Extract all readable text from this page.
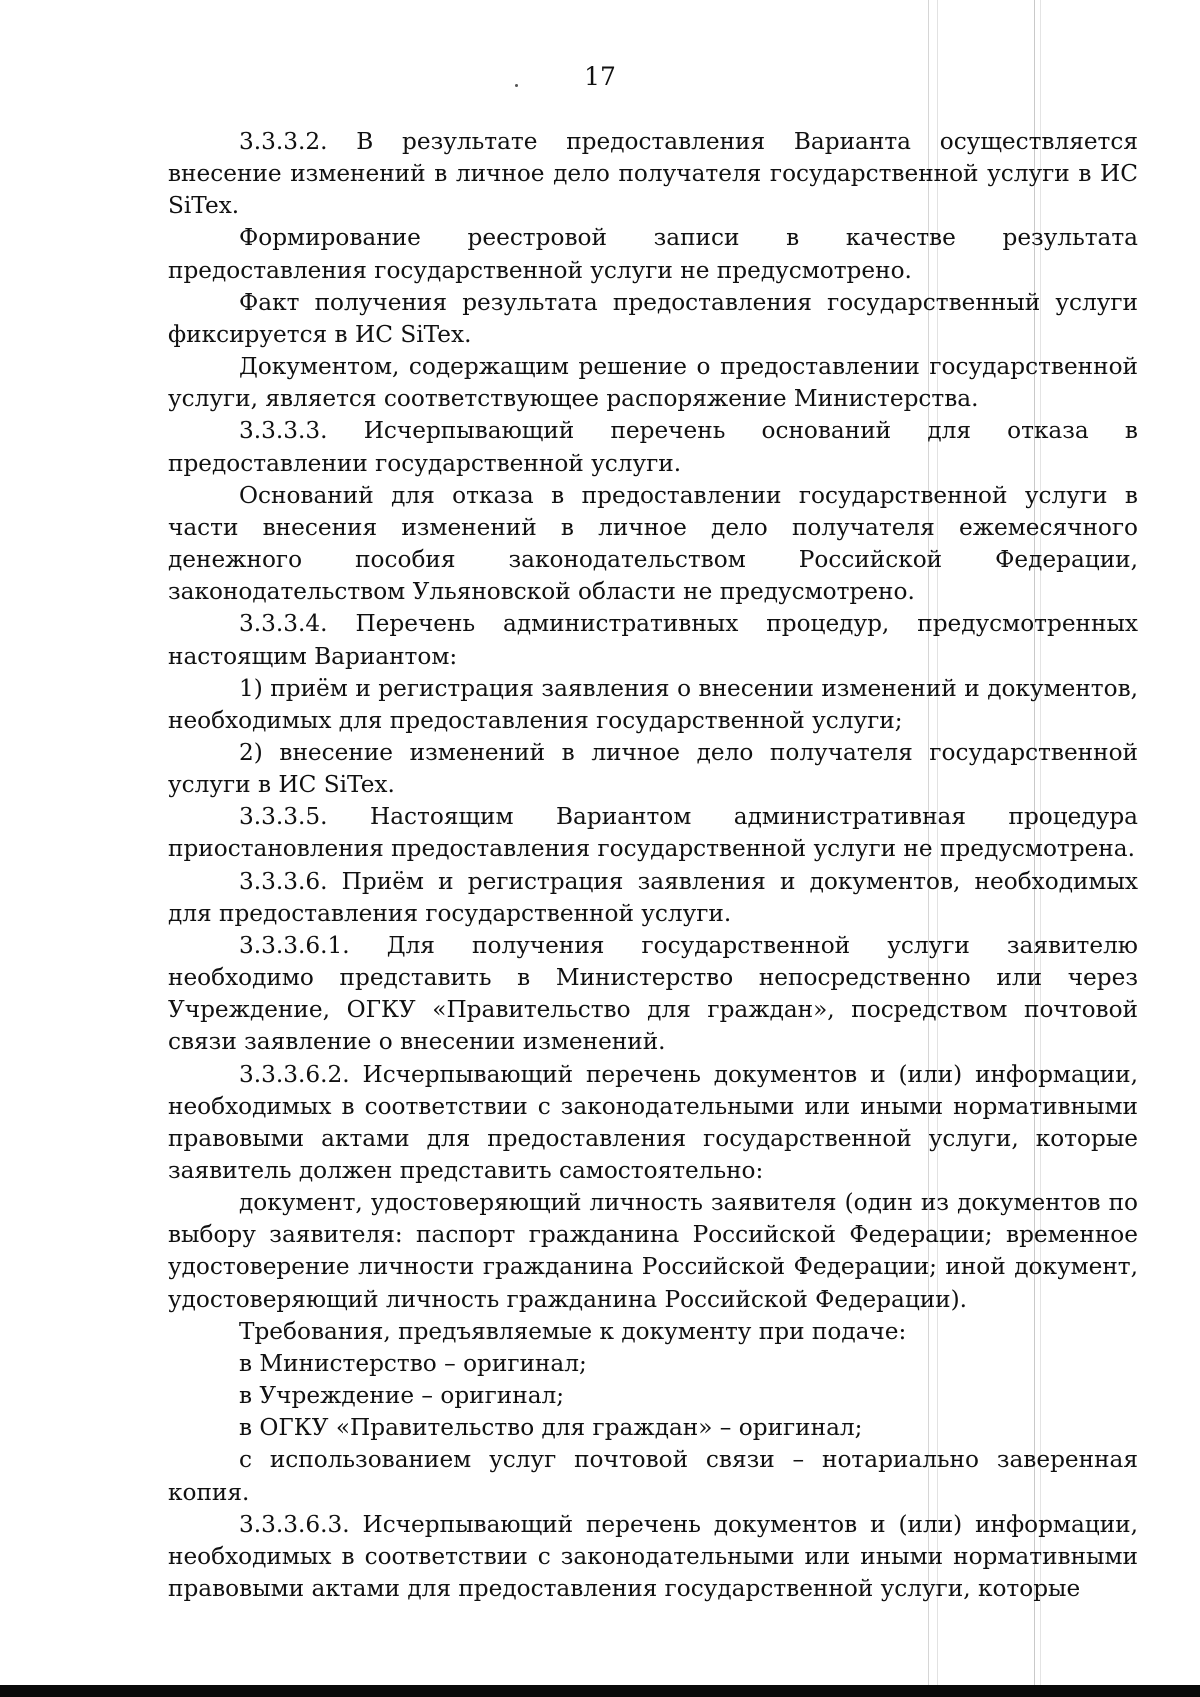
17

3.3.3.2. В результате предоставления Варианта осуществляется внесение изменений в личное дело получателя государственной услуги в ИС SiTex.

Формирование реестровой записи в качестве результата предоставления государственной услуги не предусмотрено.

Факт получения результата предоставления государственный услуги фиксируется в ИС SiTex.

Документом, содержащим решение о предоставлении государственной услуги, является соответствующее распоряжение Министерства.

3.3.3.3. Исчерпывающий перечень оснований для отказа в предоставлении государственной услуги.

Оснований для отказа в предоставлении государственной услуги в части внесения изменений в личное дело получателя ежемесячного денежного пособия законодательством Российской Федерации, законодательством Ульяновской области не предусмотрено.

3.3.3.4. Перечень административных процедур, предусмотренных настоящим Вариантом:

1) приём и регистрация заявления о внесении изменений и документов, необходимых для предоставления государственной услуги;

2) внесение изменений в личное дело получателя государственной услуги в ИС SiTex.

3.3.3.5. Настоящим Вариантом административная процедура приостановления предоставления государственной услуги не предусмотрена.

3.3.3.6. Приём и регистрация заявления и документов, необходимых для предоставления государственной услуги.

3.3.3.6.1. Для получения государственной услуги заявителю необходимо представить в Министерство непосредственно или через Учреждение, ОГКУ «Правительство для граждан», посредством почтовой связи заявление о внесении изменений.

3.3.3.6.2. Исчерпывающий перечень документов и (или) информации, необходимых в соответствии с законодательными или иными нормативными правовыми актами для предоставления государственной услуги, которые заявитель должен представить самостоятельно:

документ, удостоверяющий личность заявителя (один из документов по выбору заявителя: паспорт гражданина Российской Федерации; временное удостоверение личности гражданина Российской Федерации; иной документ, удостоверяющий личность гражданина Российской Федерации).

Требования, предъявляемые к документу при подаче:

в Министерство – оригинал;

в Учреждение – оригинал;

в ОГКУ «Правительство для граждан» – оригинал;

с использованием услуг почтовой связи – нотариально заверенная копия.

3.3.3.6.3. Исчерпывающий перечень документов и (или) информации, необходимых в соответствии с законодательными или иными нормативными правовыми актами для предоставления государственной услуги, которые
